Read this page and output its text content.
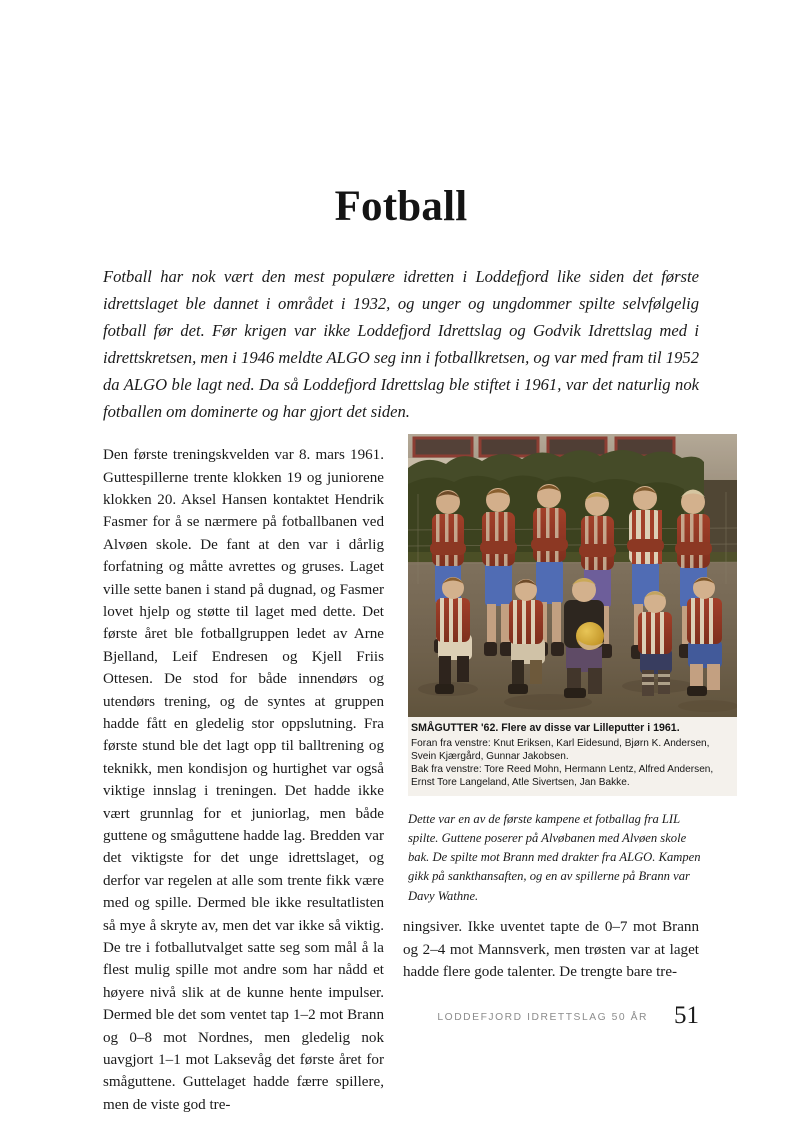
Fotball

Fotball har nok vært den mest populære idretten i Loddefjord like siden det første idrettslaget ble dannet i området i 1932, og unger og ungdommer spilte selvfølgelig fotball før det. Før krigen var ikke Loddefjord Idrettslag og Godvik Idrettslag med i idrettskretsen, men i 1946 meldte ALGO seg inn i fotballkretsen, og var med fram til 1952 da ALGO ble lagt ned. Da så Loddefjord Idrettslag ble stiftet i 1961, var det naturlig nok fotballen om dominerte og har gjort det siden.

Den første treningskvelden var 8. mars 1961. Guttespillerne trente klokken 19 og juniorene klokken 20. Aksel Hansen kontaktet Hendrik Fasmer for å se nærmere på fotballbanen ved Alvøen skole. De fant at den var i dårlig forfatning og måtte avrettes og gruses. Laget ville sette banen i stand på dugnad, og Fasmer lovet hjelp og støtte til laget med dette. Det første året ble fotballgruppen ledet av Arne Bjelland, Leif Endresen og Kjell Friis Ottesen. De stod for både innendørs og utendørs trening, og de syntes at gruppen hadde fått en gledelig stor oppslutning. Fra første stund ble det lagt opp til balltrening og teknikk, men kondisjon og hurtighet var også viktige innslag i treningen. Det hadde ikke vært grunnlag for et juniorlag, men både guttene og småguttene hadde lag. Bredden var det viktigste for det unge idrettslaget, og derfor var regelen at alle som trente fikk være med og spille. Dermed ble ikke resultatlisten så mye å skryte av, men det var ikke så viktig. De tre i fotballutvalget satte seg som mål å la flest mulig spille mot andre som har nådd et høyere nivå slik at de kunne hente impulser. Dermed ble det som ventet tap 1–2 mot Brann og 0–8 mot Nordnes, men gledelig nok uavgjort 1–1 mot Laksevåg det første året for småguttene. Guttelaget hadde færre spillere, men de viste god tre-

SMÅGUTTER '62. Flere av disse var Lilleputter i 1961.
Foran fra venstre: Knut Eriksen, Karl Eidesund, Bjørn K. Andersen, Svein Kjærgård, Gunnar Jakobsen.
Bak fra venstre: Tore Reed Mohn, Hermann Lentz, Alfred Andersen, Ernst Tore Langeland, Atle Sivertsen, Jan Bakke.

Dette var en av de første kampene et fotballag fra LIL spilte. Guttene poserer på Alvøbanen med Alvøen skole bak. De spilte mot Brann med drakter fra ALGO. Kampen gikk på sankthansaften, og en av spillerne på Brann var Davy Wathne.

ningsiver. Ikke uventet tapte de 0–7 mot Brann og 2–4 mot Mannsverk, men trøsten var at laget hadde flere gode talenter. De trengte bare tre-

LODDEFJORD IDRETTSLAG 50 ÅR 51
